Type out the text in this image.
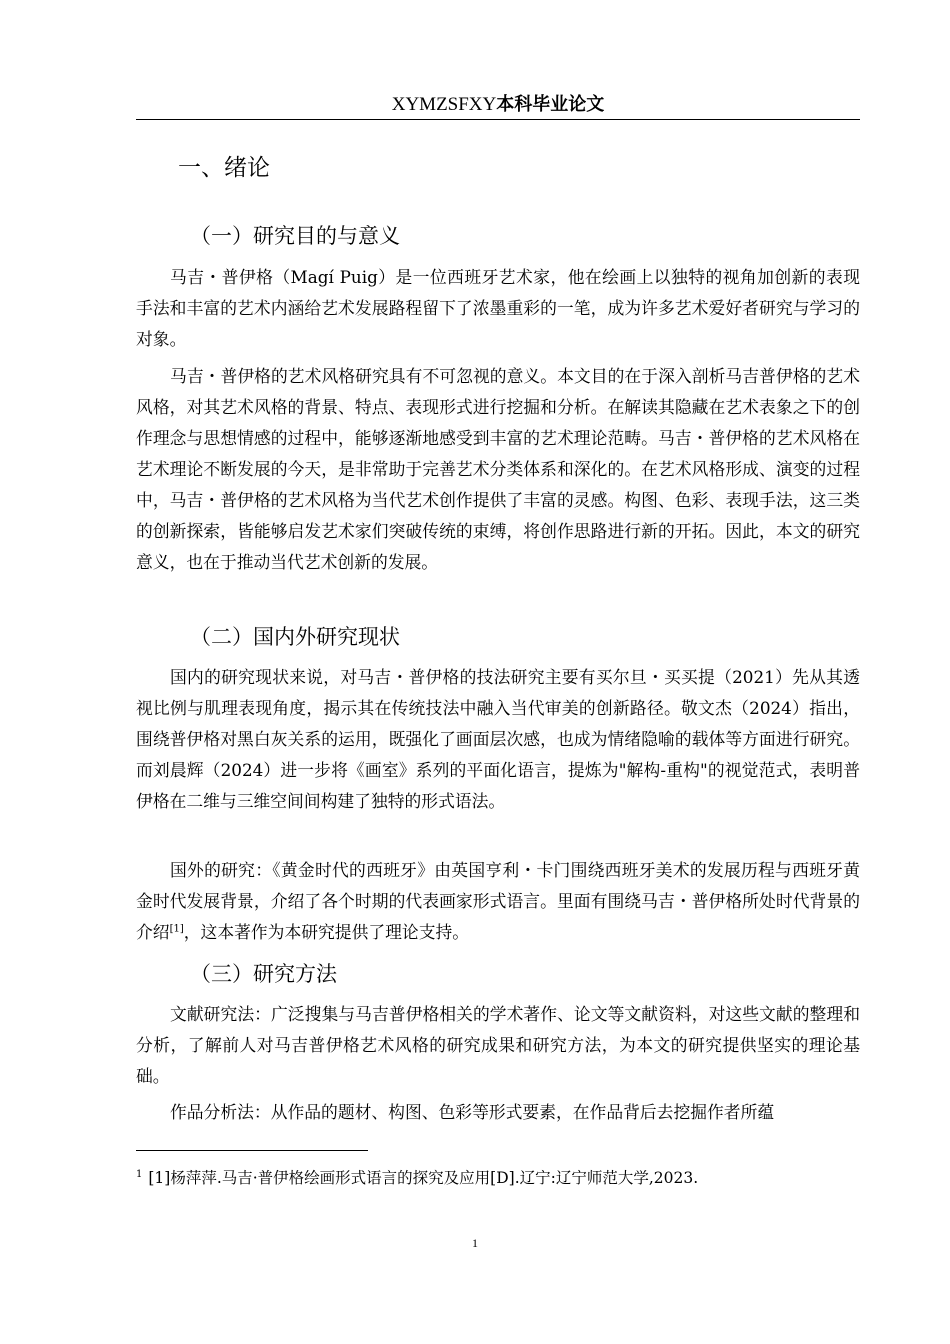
XYMZSFXY本科毕业论文
一、绪论
（一）研究目的与意义

马吉・普伊格（Magí Puig）是一位西班牙艺术家，他在绘画上以独特的视角加创新的表现手法和丰富的艺术内涵给艺术发展路程留下了浓墨重彩的一笔，成为许多艺术爱好者研究与学习的对象。

马吉・普伊格的艺术风格研究具有不可忽视的意义。本文目的在于深入剖析马吉普伊格的艺术风格，对其艺术风格的背景、特点、表现形式进行挖掘和分析。在解读其隐藏在艺术表象之下的创作理念与思想情感的过程中，能够逐渐地感受到丰富的艺术理论范畴。马吉・普伊格的艺术风格在艺术理论不断发展的今天，是非常助于完善艺术分类体系和深化的。在艺术风格形成、演变的过程中，马吉・普伊格的艺术风格为当代艺术创作提供了丰富的灵感。构图、色彩、表现手法，这三类的创新探索，皆能够启发艺术家们突破传统的束缚，将创作思路进行新的开拓。因此，本文的研究意义，也在于推动当代艺术创新的发展。

（二）国内外研究现状

国内的研究现状来说，对马吉・普伊格的技法研究主要有买尔旦・买买提（2021）先从其透视比例与肌理表现角度，揭示其在传统技法中融入当代审美的创新路径。敬文杰（2024）指出，围绕普伊格对黑白灰关系的运用，既强化了画面层次感，也成为情绪隐喻的载体等方面进行研究。而刘晨辉（2024）进一步将《画室》系列的平面化语言，提炼为"解构-重构"的视觉范式，表明普伊格在二维与三维空间间构建了独特的形式语法。

国外的研究：《黄金时代的西班牙》由英国亨利・卡门围绕西班牙美术的发展历程与西班牙黄金时代发展背景，介绍了各个时期的代表画家形式语言。里面有围绕马吉・普伊格所处时代背景的介绍[1]，这本著作为本研究提供了理论支持。

（三）研究方法

文献研究法：广泛搜集与马吉普伊格相关的学术著作、论文等文献资料，对这些文献的整理和分析，了解前人对马吉普伊格艺术风格的研究成果和研究方法，为本文的研究提供坚实的理论基础。

作品分析法：从作品的题材、构图、色彩等形式要素，在作品背后去挖掘作者所蕴

$^1$ [1]杨萍萍.马吉·普伊格绘画形式语言的探究及应用[D].辽宁:辽宁师范大学,2023.
1
